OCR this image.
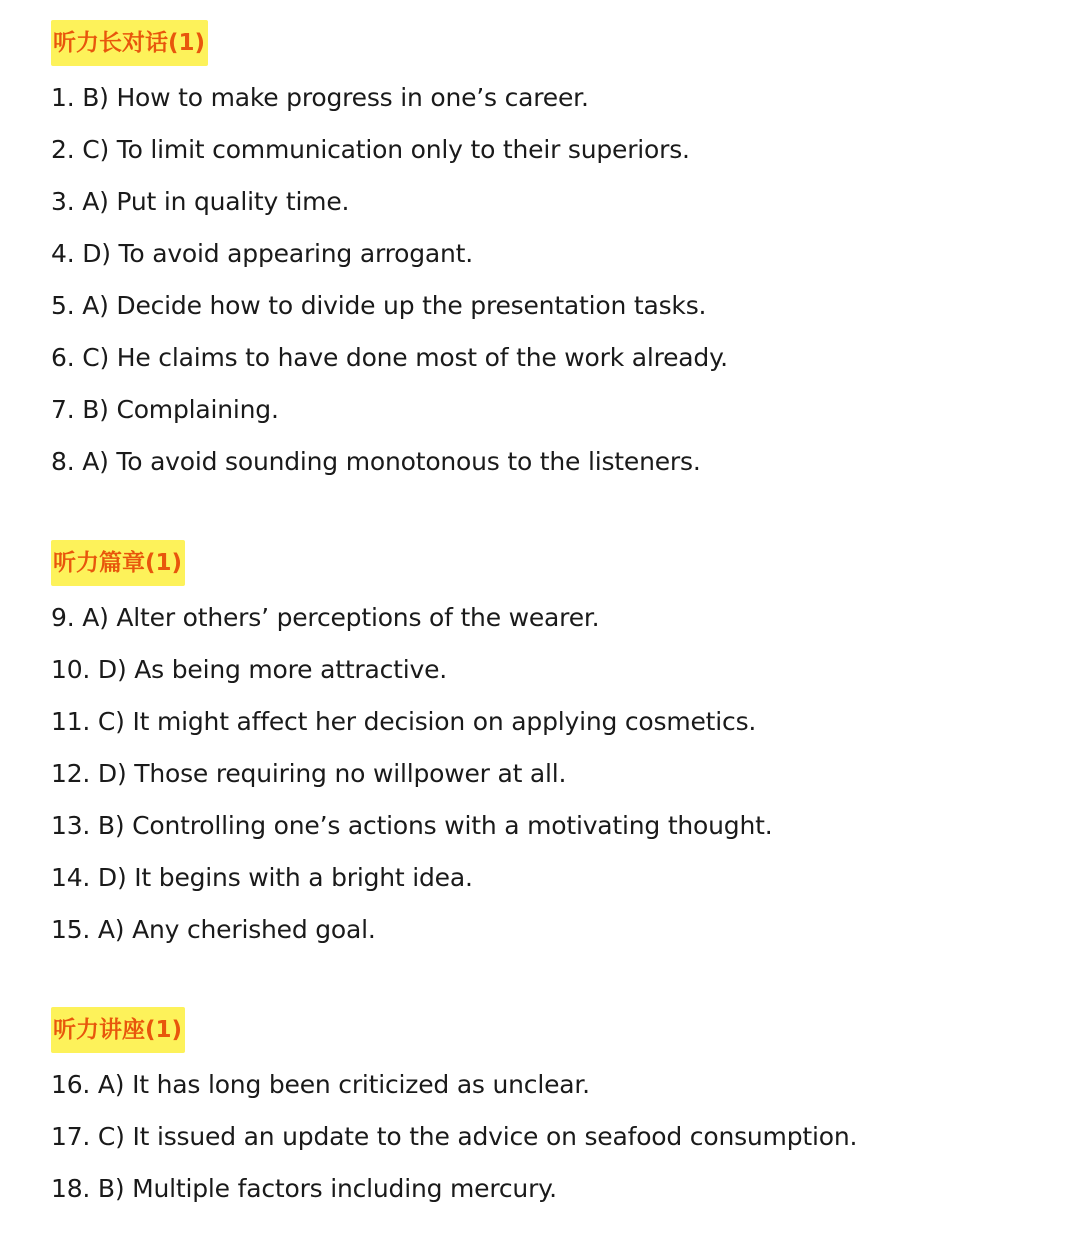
听力长对话(1)
1. B) How to make progress in one’s career.
2. C) To limit communication only to their superiors.
3. A) Put in quality time.
4. D) To avoid appearing arrogant.
5. A) Decide how to divide up the presentation tasks.
6. C) He claims to have done most of the work already.
7. B) Complaining.
8. A) To avoid sounding monotonous to the listeners.
听力篇章(1)
9. A) Alter others’ perceptions of the wearer.
10. D) As being more attractive.
11. C) It might affect her decision on applying cosmetics.
12. D) Those requiring no willpower at all.
13. B) Controlling one’s actions with a motivating thought.
14. D) It begins with a bright idea.
15. A) Any cherished goal.
听力讲座(1)
16. A) It has long been criticized as unclear.
17. C) It issued an update to the advice on seafood consumption.
18. B) Multiple factors including mercury.
